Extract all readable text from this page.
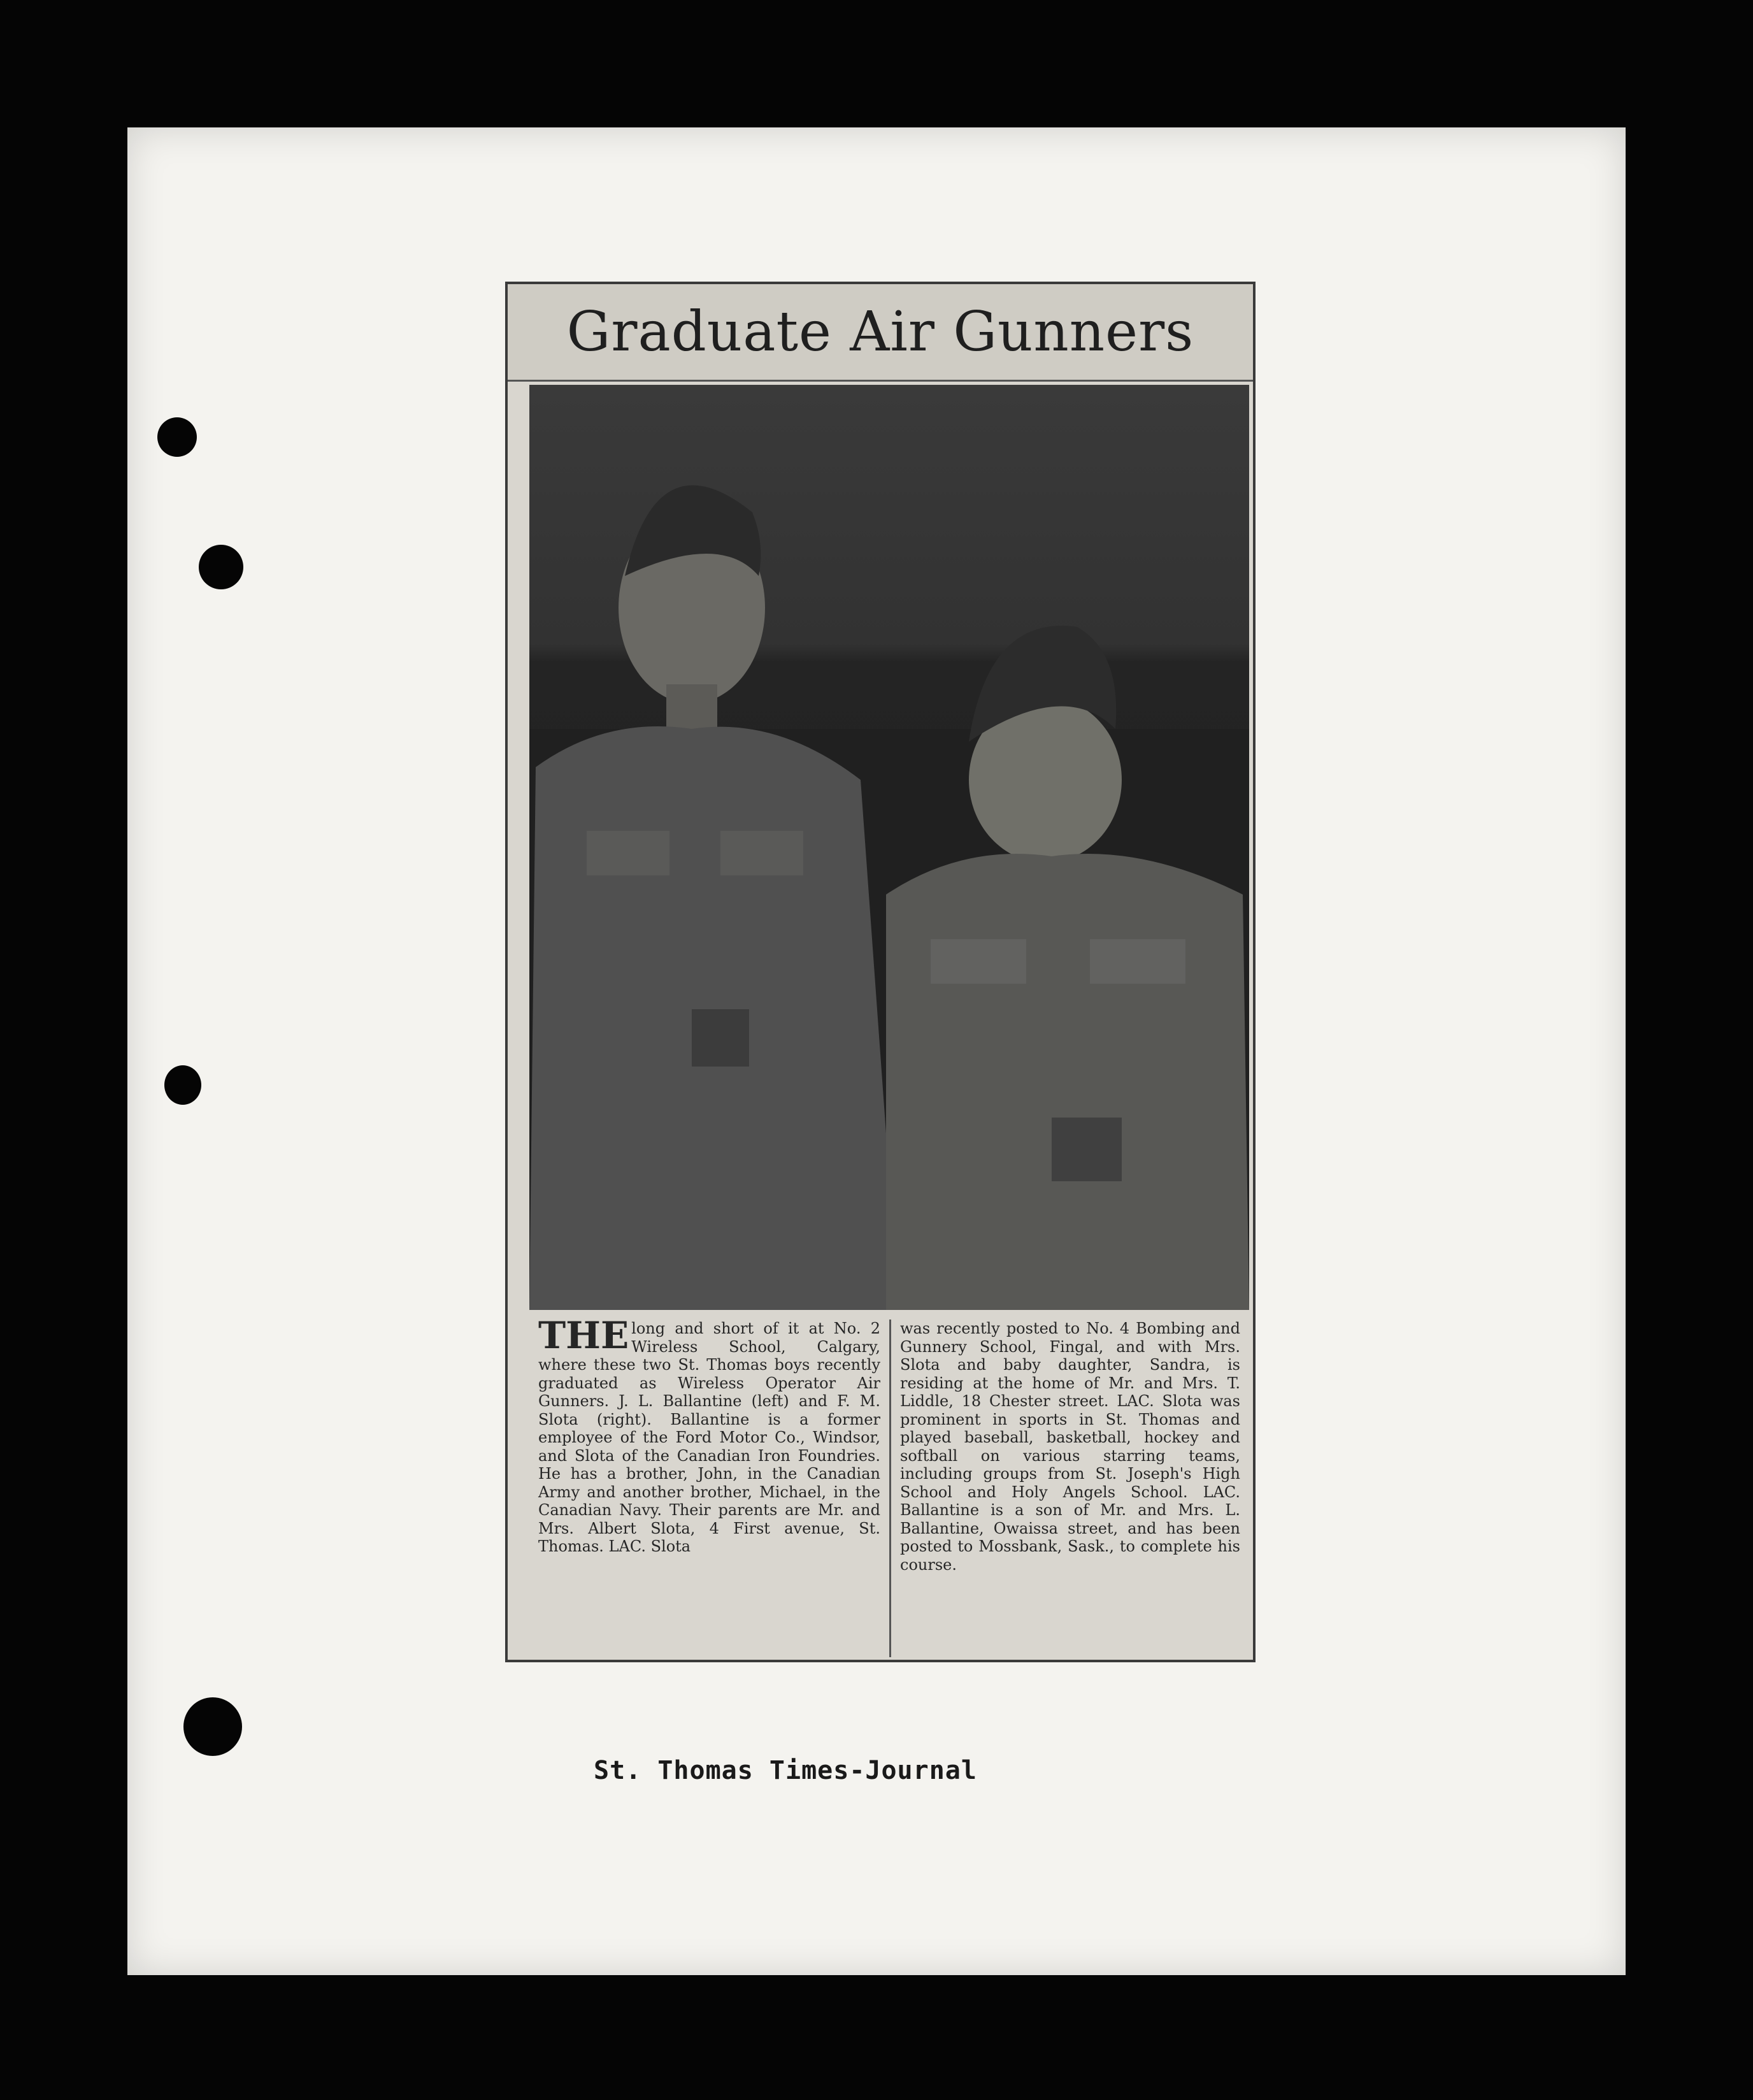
Graduate Air Gunners
THE long and short of it at No. 2 Wireless School, Calgary, where these two St. Thomas boys recently graduated as Wireless Operator Air Gunners. J. L. Ballantine (left) and F. M. Slota (right). Ballantine is a former employee of the Ford Motor Co., Windsor, and Slota of the Canadian Iron Foundries. He has a brother, John, in the Canadian Army and another brother, Michael, in the Canadian Navy. Their parents are Mr. and Mrs. Albert Slota, 4 First avenue, St. Thomas. LAC. Slota
was recently posted to No. 4 Bombing and Gunnery School, Fingal, and with Mrs. Slota and baby daughter, Sandra, is residing at the home of Mr. and Mrs. T. Liddle, 18 Chester street. LAC. Slota was prominent in sports in St. Thomas and played baseball, basketball, hockey and softball on various starring teams, including groups from St. Joseph's High School and Holy Angels School. LAC. Ballantine is a son of Mr. and Mrs. L. Ballantine, Owaissa street, and has been posted to Mossbank, Sask., to complete his course.
St. Thomas Times-Journal
